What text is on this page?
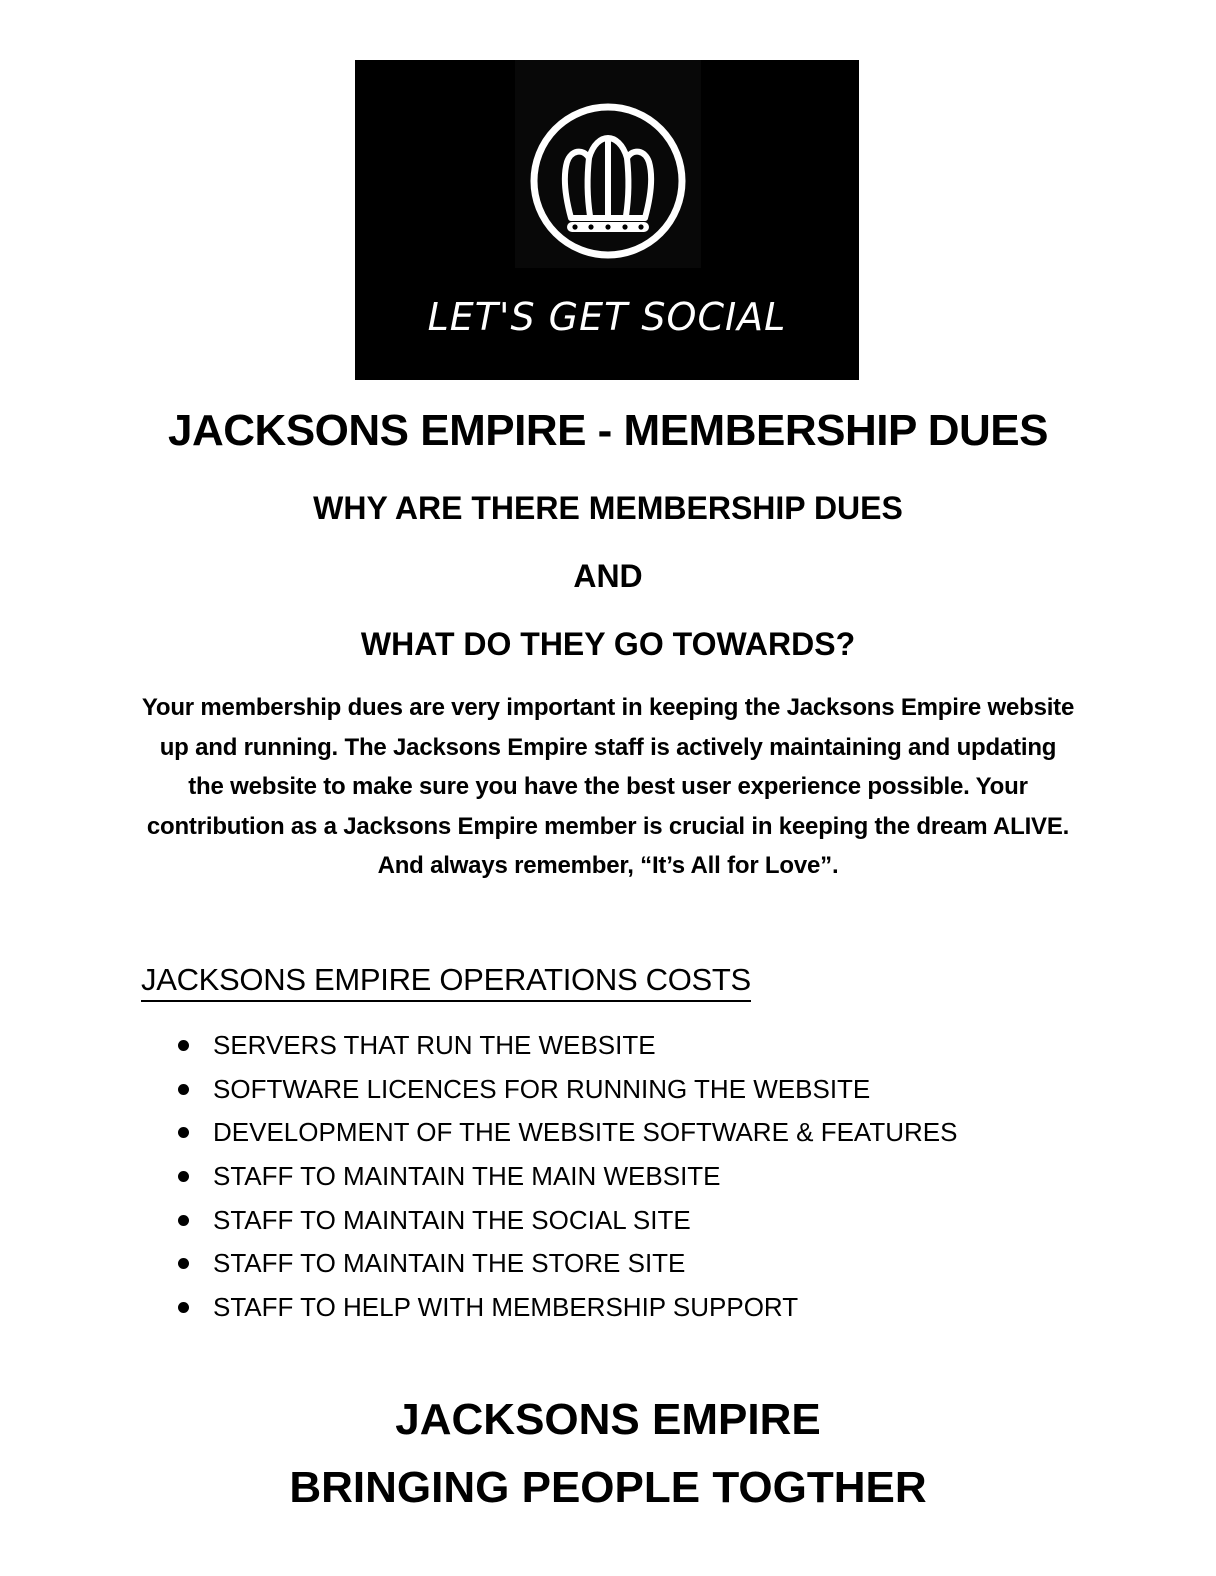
LET'S GET SOCIAL
JACKSONS EMPIRE - MEMBERSHIP DUES
WHY ARE THERE MEMBERSHIP DUES
AND
WHAT DO THEY GO TOWARDS?
Your membership dues are very important in keeping the Jacksons Empire website up and running. The Jacksons Empire staff is actively maintaining and updating the website to make sure you have the best user experience possible. Your contribution as a Jacksons Empire member is crucial in keeping the dream ALIVE. And always remember, “It’s All for Love”.
JACKSONS EMPIRE OPERATIONS COSTS
SERVERS THAT RUN THE WEBSITE
SOFTWARE LICENCES FOR RUNNING THE WEBSITE
DEVELOPMENT OF THE WEBSITE SOFTWARE & FEATURES
STAFF TO MAINTAIN THE MAIN WEBSITE
STAFF TO MAINTAIN THE SOCIAL SITE
STAFF TO MAINTAIN THE STORE SITE
STAFF TO HELP WITH MEMBERSHIP SUPPORT
JACKSONS EMPIRE
BRINGING PEOPLE TOGTHER
